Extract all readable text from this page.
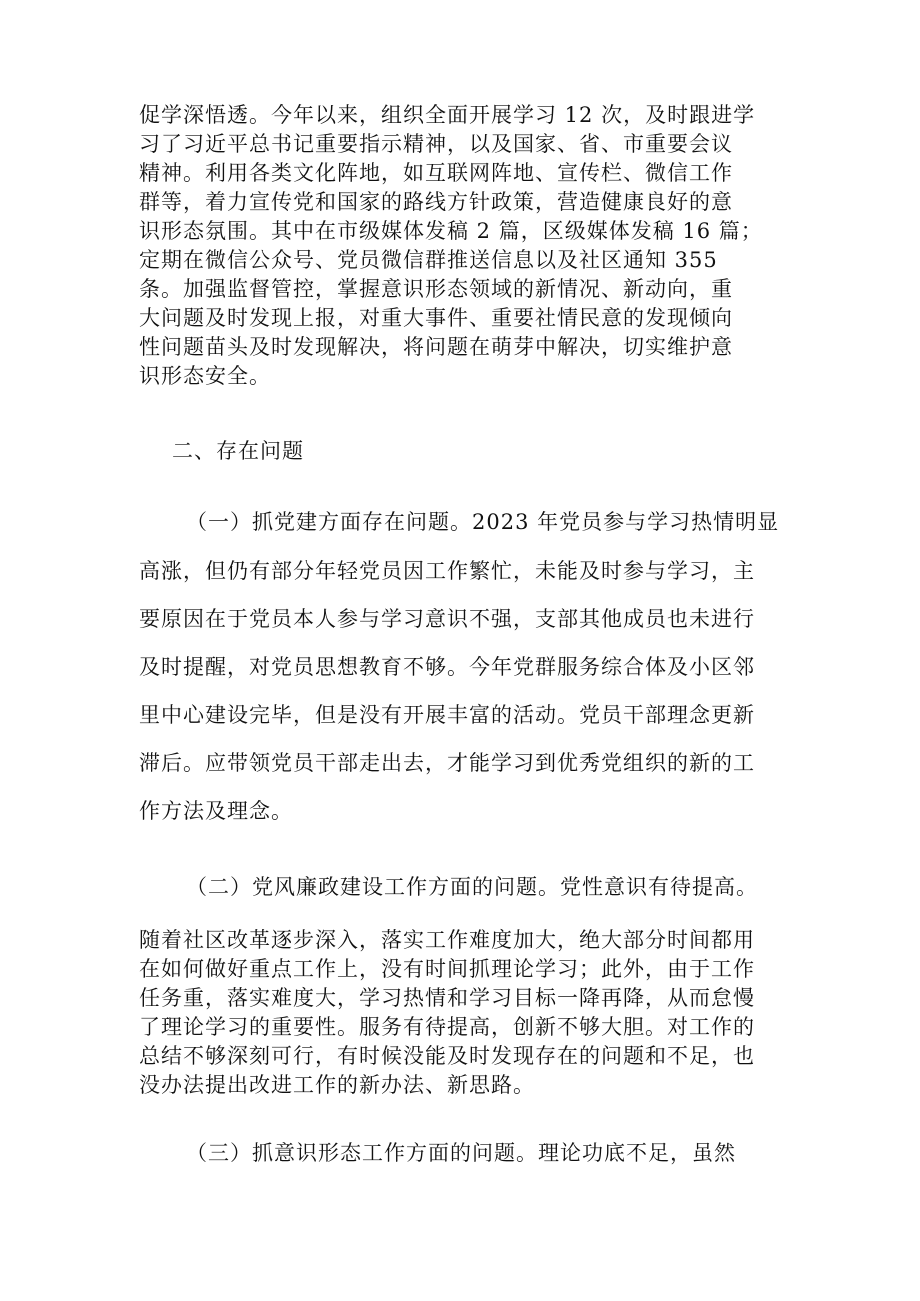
促学深悟透。今年以来，组织全面开展学习 12 次，及时跟进学
习了习近平总书记重要指示精神，以及国家、省、市重要会议
精神。利用各类文化阵地，如互联网阵地、宣传栏、微信工作
群等，着力宣传党和国家的路线方针政策，营造健康良好的意
识形态氛围。其中在市级媒体发稿 2 篇，区级媒体发稿 16 篇；
定期在微信公众号、党员微信群推送信息以及社区通知 355
条。加强监督管控，掌握意识形态领域的新情况、新动向，重
大问题及时发现上报，对重大事件、重要社情民意的发现倾向
性问题苗头及时发现解决，将问题在萌芽中解决，切实维护意
识形态安全。
二、存在问题
（一）抓党建方面存在问题。2023 年党员参与学习热情明显
高涨，但仍有部分年轻党员因工作繁忙，未能及时参与学习，主
要原因在于党员本人参与学习意识不强，支部其他成员也未进行
及时提醒，对党员思想教育不够。今年党群服务综合体及小区邻
里中心建设完毕，但是没有开展丰富的活动。党员干部理念更新
滞后。应带领党员干部走出去，才能学习到优秀党组织的新的工
作方法及理念。
（二）党风廉政建设工作方面的问题。党性意识有待提高。
随着社区改革逐步深入，落实工作难度加大，绝大部分时间都用
在如何做好重点工作上，没有时间抓理论学习；此外，由于工作
任务重，落实难度大，学习热情和学习目标一降再降，从而怠慢
了理论学习的重要性。服务有待提高，创新不够大胆。对工作的
总结不够深刻可行，有时候没能及时发现存在的问题和不足，也
没办法提出改进工作的新办法、新思路。
（三）抓意识形态工作方面的问题。理论功底不足，虽然
